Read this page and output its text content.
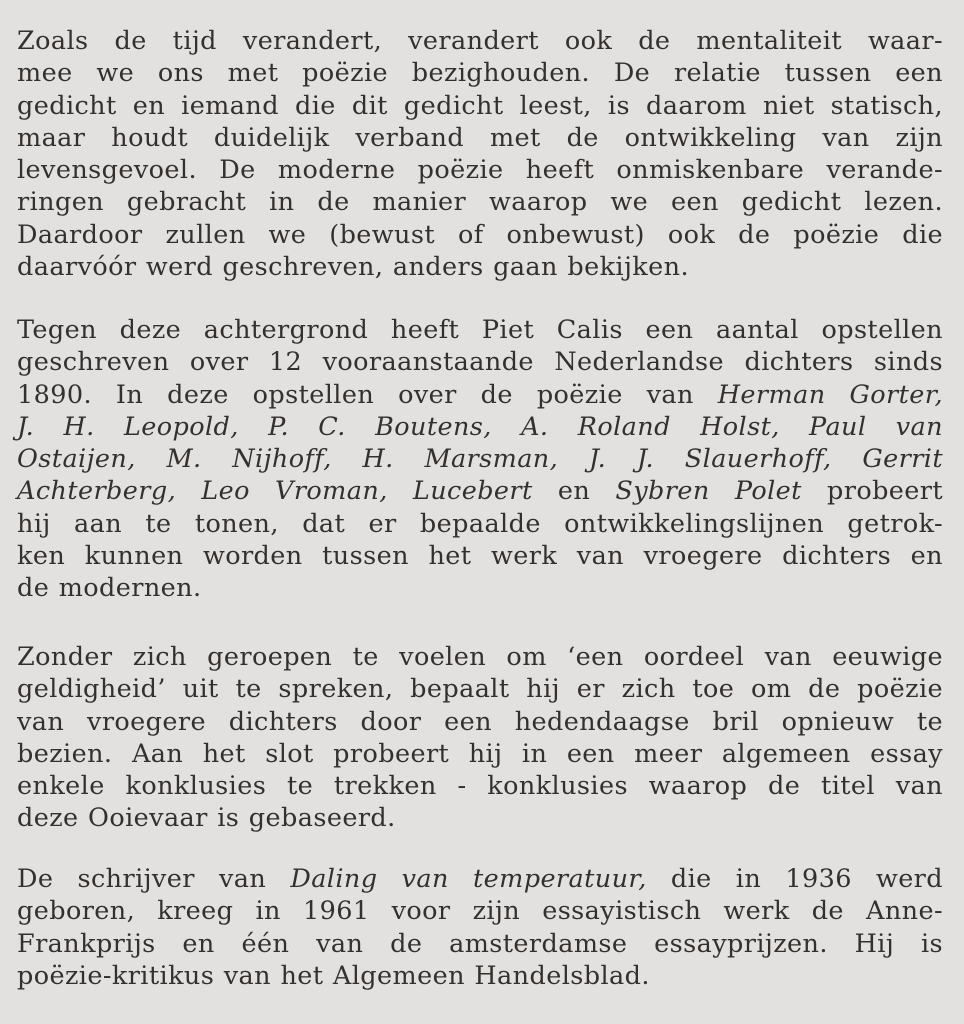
Zoals de tijd verandert, verandert ook de mentaliteit waar-
mee we ons met poëzie bezighouden. De relatie tussen een
gedicht en iemand die dit gedicht leest, is daarom niet statisch,
maar houdt duidelijk verband met de ontwikkeling van zijn
levensgevoel. De moderne poëzie heeft onmiskenbare verande-
ringen gebracht in de manier waarop we een gedicht lezen.
Daardoor zullen we (bewust of onbewust) ook de poëzie die
daarvóór werd geschreven, anders gaan bekijken.
Tegen deze achtergrond heeft Piet Calis een aantal opstellen
geschreven over 12 vooraanstaande Nederlandse dichters sinds
1890. In deze opstellen over de poëzie van Herman Gorter,
J. H. Leopold, P. C. Boutens, A. Roland Holst, Paul van
Ostaijen, M. Nijhoff, H. Marsman, J. J. Slauerhoff, Gerrit
Achterberg, Leo Vroman, Lucebert en Sybren Polet probeert
hij aan te tonen, dat er bepaalde ontwikkelingslijnen getrok-
ken kunnen worden tussen het werk van vroegere dichters en
de modernen.
Zonder zich geroepen te voelen om ‘een oordeel van eeuwige
geldigheid’ uit te spreken, bepaalt hij er zich toe om de poëzie
van vroegere dichters door een hedendaagse bril opnieuw te
bezien. Aan het slot probeert hij in een meer algemeen essay
enkele konklusies te trekken - konklusies waarop de titel van
deze Ooievaar is gebaseerd.
De schrijver van Daling van temperatuur, die in 1936 werd
geboren, kreeg in 1961 voor zijn essayistisch werk de Anne-
Frankprijs en één van de amsterdamse essayprijzen. Hij is
poëzie-kritikus van het Algemeen Handelsblad.
